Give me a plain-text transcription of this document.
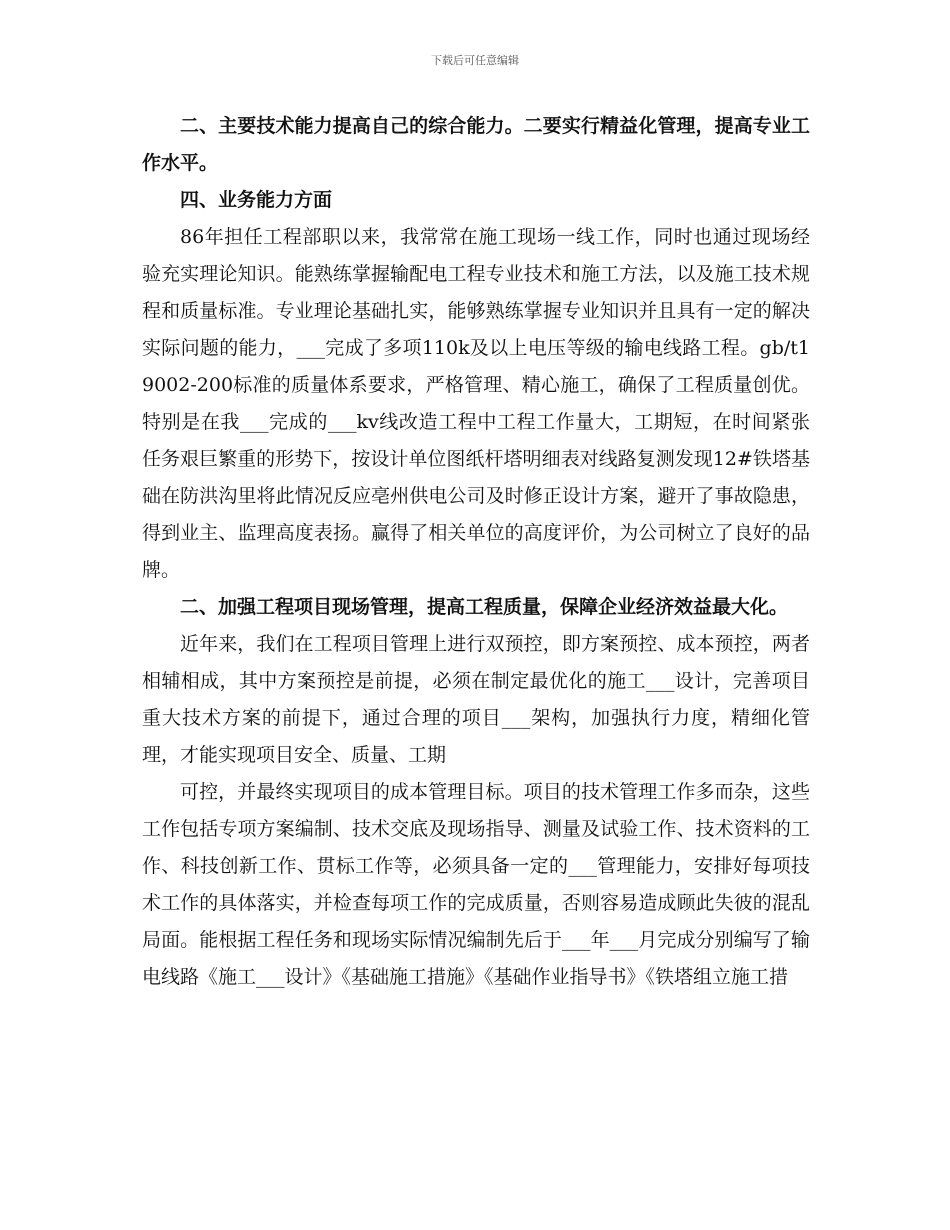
下载后可任意编辑

二、主要技术能力提高自己的综合能力。二要实行精益化管理，提高专业工作水平。

四、业务能力方面

86年担任工程部职以来，我常常在施工现场一线工作，同时也通过现场经验充实理论知识。能熟练掌握输配电工程专业技术和施工方法，以及施工技术规程和质量标准。专业理论基础扎实，能够熟练掌握专业知识并且具有一定的解决实际问题的能力，___完成了多项110k及以上电压等级的输电线路工程。gb/t19002-200标准的质量体系要求，严格管理、精心施工，确保了工程质量创优。特别是在我___完成的___kv线改造工程中工程工作量大，工期短，在时间紧张任务艰巨繁重的形势下，按设计单位图纸杆塔明细表对线路复测发现12#铁塔基础在防洪沟里将此情况反应亳州供电公司及时修正设计方案，避开了事故隐患，得到业主、监理高度表扬。赢得了相关单位的高度评价，为公司树立了良好的品牌。

二、加强工程项目现场管理，提高工程质量，保障企业经济效益最大化。

近年来，我们在工程项目管理上进行双预控，即方案预控、成本预控，两者相辅相成，其中方案预控是前提，必须在制定最优化的施工___设计，完善项目重大技术方案的前提下，通过合理的项目___架构，加强执行力度，精细化管理，才能实现项目安全、质量、工期

可控，并最终实现项目的成本管理目标。项目的技术管理工作多而杂，这些工作包括专项方案编制、技术交底及现场指导、测量及试验工作、技术资料的工作、科技创新工作、贯标工作等，必须具备一定的___管理能力，安排好每项技术工作的具体落实，并检查每项工作的完成质量，否则容易造成顾此失彼的混乱局面。能根据工程任务和现场实际情况编制先后于___年___月完成分别编写了输电线路《施工___设计》《基础施工措施》《基础作业指导书》《铁塔组立施工措
